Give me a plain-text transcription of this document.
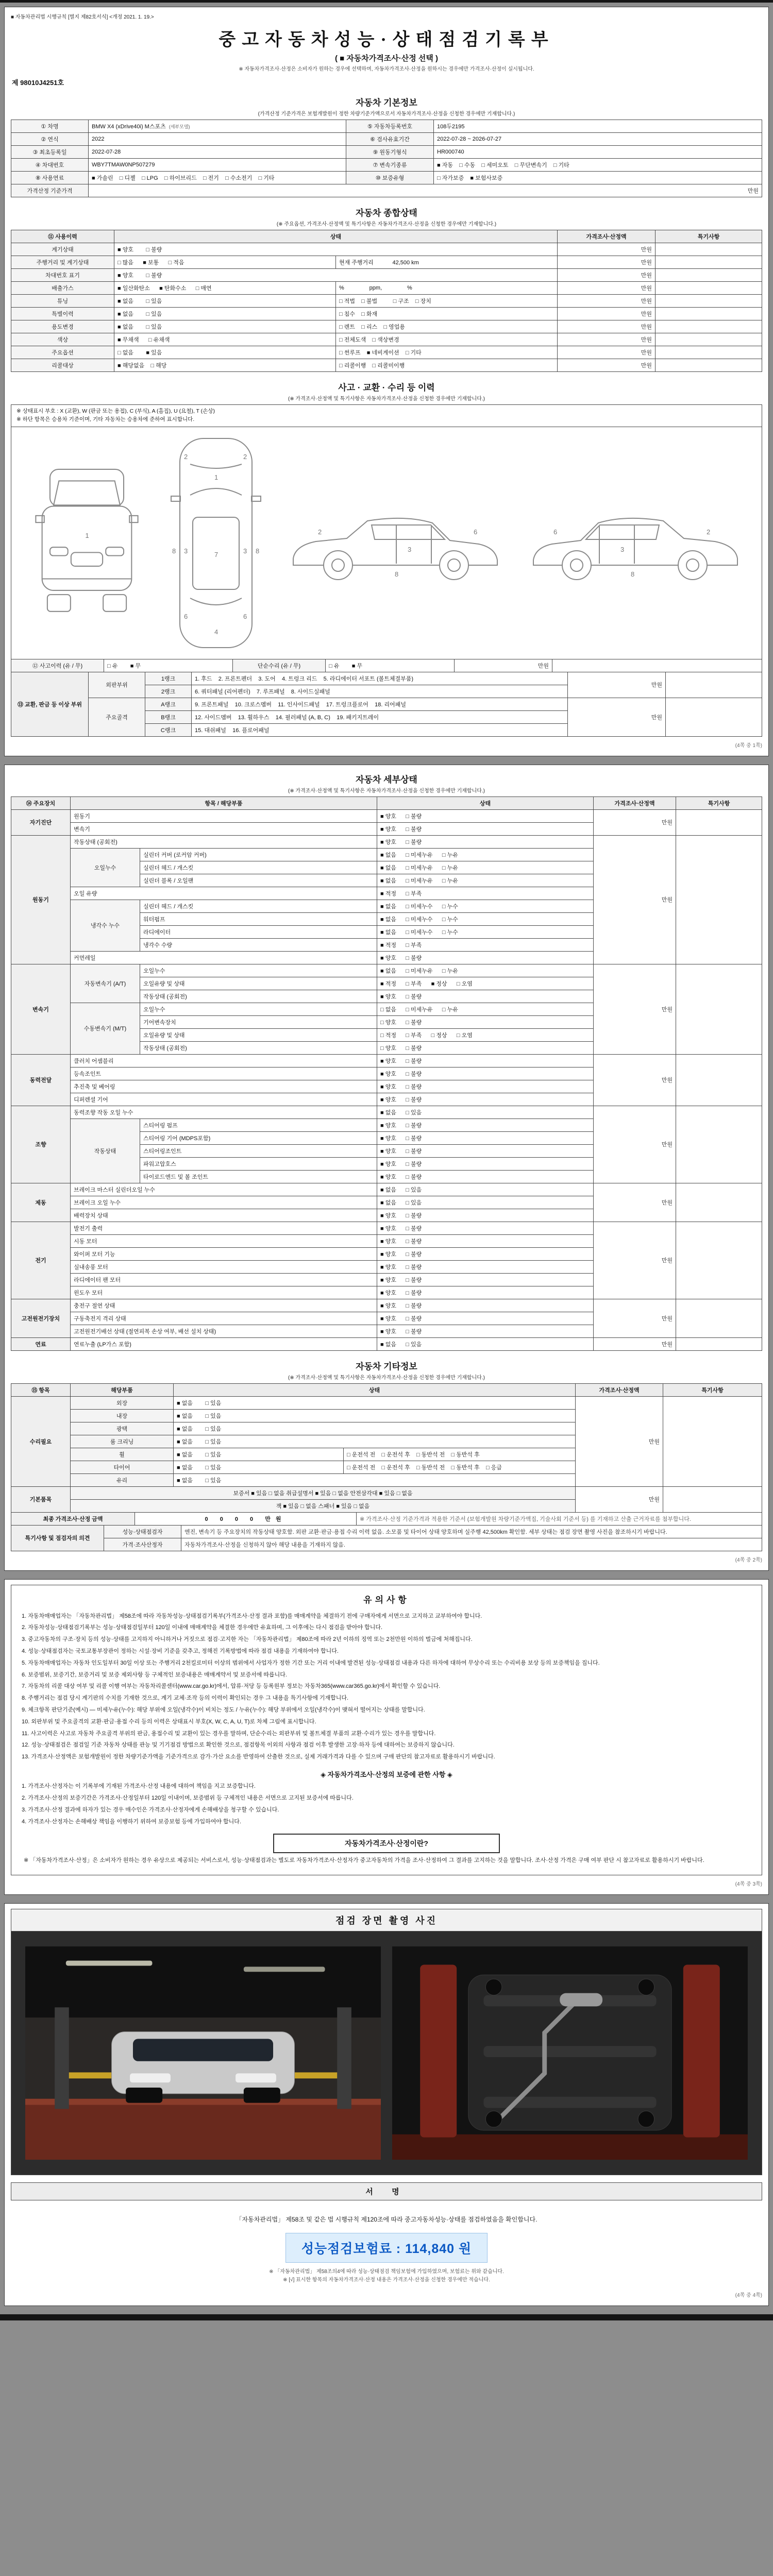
■ 자동차관리법 시행규칙 [별지 제82호서식] <개정 2021. 1. 19.>
중고자동차성능·상태점검기록부
( ■ 자동차가격조사·산정 선택 )
※ 자동차가격조사·산정은 소비자가 원하는 경우에 선택하며, 자동차가격조사·산정을 원하시는 경우에만 가격조사·산정이 실시됩니다.
제 98010J4251호
자동차 기본정보
(가격산정 기준가격은 보험개발원이 정한 차량기준가액으로서 자동차가격조사·산정을 신청한 경우에만 기재합니다.)
① 차명	BMW X4 (xDrive40i) M스포츠 (세부모델)	⑤ 자동차등록번호	108두2195
② 연식	2022	⑥ 검사유효기간	2022-07-28 ~ 2026-07-27
③ 최초등록일	2022-07-28	⑨ 원동기형식	HR000740
④ 차대번호	WBY7TMAW0NP507279	⑦ 변속기종류	■ 자동    □ 수동    □ 세미오토    □ 무단변속기    □ 기타
⑧ 사용연료	■ 가솔린    □ 디젤    □ LPG    □ 하이브리드    □ 전기    □ 수소전기    □ 기타	⑩ 보증유형	□ 자가보증    ■ 보험사보증
가격산정 기준가격	만원		
자동차 종합상태
(※ 주요옵션, 가격조사·산정액 및 특기사항은 자동차가격조사·산정을 신청한 경우에만 기재합니다.)
⑪ 사용이력	상태		가격조사·산정액	특기사항
계기상태	■ 양호        □ 불량		만원	
주행거리 및 계기상태	□ 많음      ■ 보통      □ 적음	현재 주행거리            42,500 km	만원	
차대번호 표기	■ 양호        □ 불량		만원	
배출가스	■ 일산화탄소      ■ 탄화수소      □ 매연	%                ppm,                %	만원	
튜닝	■ 없음        □ 있음	□ 적법    □ 불법          □ 구조    □ 장치	만원	
특별이력	■ 없음        □ 있음	□ 침수    □ 화재	만원	
용도변경	■ 없음        □ 있음	□ 렌트    □ 리스    □ 영업용	만원	
색상	■ 무채색      □ 유채색	□ 전체도색    □ 색상변경	만원	
주요옵션	□ 없음        ■ 있음	□ 썬루프    ■ 네비게이션    □ 기타	만원	
리콜대상	■ 해당없음    □ 해당	□ 리콜이행    □ 리콜미이행	만원	
사고 · 교환 · 수리 등 이력
(※ 가격조사·산정액 및 특기사항은 자동차가격조사·산정을 신청한 경우에만 기재합니다.)
※ 상태표시 부호 : X (교환), W (판금 또는 용접), C (부식), A (흠집), U (요철), T (손상)
※ 하단 항목은 승용차 기준이며, 기타 자동차는 승용차에 준하여 표시합니다.
1
1
7
4
2	2
3	3
6	6
8	8
2
3
6
8
2
3
6
8
⑫ 사고이력 (유 / 무)	□ 유        ■ 무	단순수리 (유 / 무)	□ 유        ■ 무	만원	
⑬ 교환, 판금 등 이상 부위	외판부위	1랭크	1. 후드    2. 프론트펜더    3. 도어    4. 트렁크 리드    5. 라디에이터 서포트 (볼트체결부품)	만원	
		2랭크	6. 쿼터패널 (리어펜더)    7. 루프패널    8. 사이드실패널		
	주요골격	A랭크	9. 프론트패널    10. 크로스멤버    11. 인사이드패널    17. 트렁크플로어    18. 리어패널	만원	
		B랭크	12. 사이드멤버    13. 휠하우스    14. 필러패널 (A, B, C)    19. 패키지트레이		
		C랭크	15. 대쉬패널    16. 플로어패널		
(4쪽 중 1쪽)
자동차 세부상태
(※ 가격조사·산정액 및 특기사항은 자동차가격조사·산정을 신청한 경우에만 기재합니다.)
⑭ 주요장치	항목 / 해당부품		상태	가격조사·산정액	특기사항
자기진단	원동기		■ 양호      □ 불량	만원	
	변속기		■ 양호      □ 불량		
원동기	작동상태 (공회전)		■ 양호      □ 불량	만원	
	오일누수	실린더 커버 (로커암 커버)	■ 없음      □ 미세누유      □ 누유		
		실린더 헤드 / 개스킷	■ 없음      □ 미세누유      □ 누유		
		실린더 블록 / 오일팬	■ 없음      □ 미세누유      □ 누유		
	오일 유량		■ 적정      □ 부족		
	냉각수 누수	실린더 헤드 / 개스킷	■ 없음      □ 미세누수      □ 누수		
		워터펌프	■ 없음      □ 미세누수      □ 누수		
		라디에이터	■ 없음      □ 미세누수      □ 누수		
		냉각수 수량	■ 적정      □ 부족		
	커먼레일		■ 양호      □ 불량		
변속기	자동변속기 (A/T)	오일누수	■ 없음      □ 미세누유      □ 누유	만원	
		오일유량 및 상태	■ 적정      □ 부족      ■ 정상      □ 오염		
		작동상태 (공회전)	■ 양호      □ 불량		
	수동변속기 (M/T)	오일누수	□ 없음      □ 미세누유      □ 누유		
		기어변속장치	□ 양호      □ 불량		
		오일유량 및 상태	□ 적정      □ 부족      □ 정상      □ 오염		
		작동상태 (공회전)	□ 양호      □ 불량		
동력전달	클러치 어셈블리		■ 양호      □ 불량	만원	
	등속조인트		■ 양호      □ 불량		
	추진축 및 베어링		■ 양호      □ 불량		
	디퍼렌셜 기어		■ 양호      □ 불량		
조향	동력조향 작동 오일 누수		■ 없음      □ 있음	만원	
	작동상태	스티어링 펌프	■ 양호      □ 불량		
		스티어링 기어 (MDPS포함)	■ 양호      □ 불량		
		스티어링조인트	■ 양호      □ 불량		
		파워고압호스	■ 양호      □ 불량		
		타이로드엔드 및 볼 조인트	■ 양호      □ 불량		
제동	브레이크 마스터 실린더오일 누수		■ 없음      □ 있음	만원	
	브레이크 오일 누수		■ 없음      □ 있음		
	배력장치 상태		■ 양호      □ 불량		
전기	발전기 출력		■ 양호      □ 불량	만원	
	시동 모터		■ 양호      □ 불량		
	와이퍼 모터 기능		■ 양호      □ 불량		
	실내송풍 모터		■ 양호      □ 불량		
	라디에이터 팬 모터		■ 양호      □ 불량		
	윈도우 모터		■ 양호      □ 불량		
고전원전기장치	충전구 절연 상태		■ 양호      □ 불량	만원	
	구동축전지 격리 상태		■ 양호      □ 불량		
	고전원전기배선 상태 (절연피복 손상 여부, 배선 설치 상태)		■ 양호      □ 불량		
연료	연료누출 (LP가스 포함)		■ 없음      □ 있음	만원	
자동차 기타정보
(※ 가격조사·산정액 및 특기사항은 자동차가격조사·산정을 신청한 경우에만 기재합니다.)
⑮ 항목	해당부품	상태		가격조사·산정액	특기사항
수리필요	외장	■ 없음        □ 있음		만원	
	내장	■ 없음        □ 있음			
	광택	■ 없음        □ 있음			
	룸 크리닝	■ 없음        □ 있음			
	휠	■ 없음        □ 있음	□ 운전석 전    □ 운전석 후    □ 동반석 전    □ 동반석 후		
	타이어	■ 없음        □ 있음	□ 운전석 전    □ 운전석 후    □ 동반석 전    □ 동반석 후    □ 응급		
	유리	■ 없음        □ 있음			
기본품목	보증서 ■ 있음 □ 없음 취급설명서 ■ 있음 □ 없음 안전삼각대 ■ 있음 □ 없음			만원	
	잭 ■ 있음 □ 없음 스패너 ■ 있음 □ 없음				
최종 가격조사·산정 금액	0 0 0 0 만원	※ 가격조사·산정 기준가격과 적용한 기준서 (보험개발원 차량기준가액집, 기술사회 기준서 등) 를 기재하고 산출 근거자료를 첨부합니다.
특기사항 및 점검자의 의견	성능·상태점검자	엔진, 변속기 등 주요장치의 작동상태 양호함. 외판 교환·판금·용접 수리 이력 없음. 소모품 및 타이어 상태 양호하며 실주행 42,500km 확인함. 세부 상태는 점검 장면 촬영 사진을 참조하시기 바랍니다.
	가격·조사산정자	자동차가격조사·산정을 신청하지 않아 해당 내용을 기재하지 않음.
(4쪽 중 2쪽)
유의사항

1. 자동차매매업자는 「자동차관리법」 제58조에 따라 자동차성능·상태점검기록부(가격조사·산정 결과 포함)를 매매계약을 체결하기 전에 구매자에게 서면으로 고지하고 교부하여야 합니다.

2. 자동차성능·상태점검기록부는 성능·상태점검일부터 120일 이내에 매매계약을 체결한 경우에만 유효하며, 그 이후에는 다시 점검을 받아야 합니다.

3. 중고자동차의 구조·장치 등의 성능·상태를 고지하지 아니하거나 거짓으로 점검·고지한 자는 「자동차관리법」 제80조에 따라 2년 이하의 징역 또는 2천만원 이하의 벌금에 처해집니다.

4. 성능·상태점검자는 국토교통부장관이 정하는 시설·장비 기준을 갖추고, 정해진 기록방법에 따라 점검 내용을 기재하여야 합니다.

5. 자동차매매업자는 자동차 인도일부터 30일 이상 또는 주행거리 2천킬로미터 이상의 범위에서 사업자가 정한 기간 또는 거리 이내에 발견된 성능·상태점검 내용과 다른 하자에 대하여 무상수리 또는 수리비용 보상 등의 보증책임을 집니다.

6. 보증범위, 보증기간, 보증거리 및 보증 제외사항 등 구체적인 보증내용은 매매계약서 및 보증서에 따릅니다.

7. 자동차의 리콜 대상 여부 및 리콜 이행 여부는 자동차리콜센터(www.car.go.kr)에서, 압류·저당 등 등록원부 정보는 자동차365(www.car365.go.kr)에서 확인할 수 있습니다.

8. 주행거리는 점검 당시 계기판의 수치를 기재한 것으로, 계기 교체·조작 등의 이력이 확인되는 경우 그 내용을 특기사항에 기재합니다.

9. 체크항목 판단기준(예시) — 미세누유(누수): 해당 부위에 오일(냉각수)이 비치는 정도 / 누유(누수): 해당 부위에서 오일(냉각수)이 맺혀서 떨어지는 상태를 말합니다.

10. 외판부위 및 주요골격의 교환·판금·용접 수리 등의 이력은 상태표시 부호(X, W, C, A, U, T)로 차체 그림에 표시합니다.

11. 사고이력은 사고로 자동차 주요골격 부위의 판금, 용접수리 및 교환이 있는 경우를 말하며, 단순수리는 외판부위 및 볼트체결 부품의 교환·수리가 있는 경우를 말합니다.

12. 성능·상태점검은 점검일 기준 자동차 상태를 관능 및 기기점검 방법으로 확인한 것으로, 점검항목 이외의 사항과 점검 이후 발생한 고장·하자 등에 대하여는 보증하지 않습니다.

13. 가격조사·산정액은 보험개발원이 정한 차량기준가액을 기준가격으로 감가·가산 요소를 반영하여 산출한 것으로, 실제 거래가격과 다를 수 있으며 구매 판단의 참고자료로 활용하시기 바랍니다.

◈ 자동차가격조사·산정의 보증에 관한 사항 ◈

1. 가격조사·산정자는 이 기록부에 기재된 가격조사·산정 내용에 대하여 책임을 지고 보증합니다.

2. 가격조사·산정의 보증기간은 가격조사·산정일부터 120일 이내이며, 보증범위 등 구체적인 내용은 서면으로 고지된 보증서에 따릅니다.

3. 가격조사·산정 결과에 하자가 있는 경우 매수인은 가격조사·산정자에게 손해배상을 청구할 수 있습니다.

4. 가격조사·산정자는 손해배상 책임을 이행하기 위하여 보증보험 등에 가입하여야 합니다.

자동차가격조사·산정이란?

※ 「자동차가격조사·산정」은 소비자가 원하는 경우 유상으로 제공되는 서비스로서, 성능·상태점검과는 별도로 자동차가격조사·산정자가 중고자동차의 가격을 조사·산정하여 그 결과를 고지하는 것을 말합니다. 조사·산정 가격은 구매 여부 판단 시 참고자료로 활용하시기 바랍니다.

(4쪽 중 3쪽)
점검 장면 촬영 사진
서 명
「자동차관리법」 제58조 및 같은 법 시행규칙 제120조에 따라 중고자동차성능·상태를 점검하였음을 확인합니다.
성능점검보험료 : 114,840 원
※ 「자동차관리법」 제58조의4에 따라 성능·상태점검 책임보험에 가입하였으며, 보험료는 위와 같습니다.
※ [√] 표시한 항목의 자동차가격조사·산정 내용은 가격조사·산정을 신청한 경우에만 적습니다.
(4쪽 중 4쪽)
